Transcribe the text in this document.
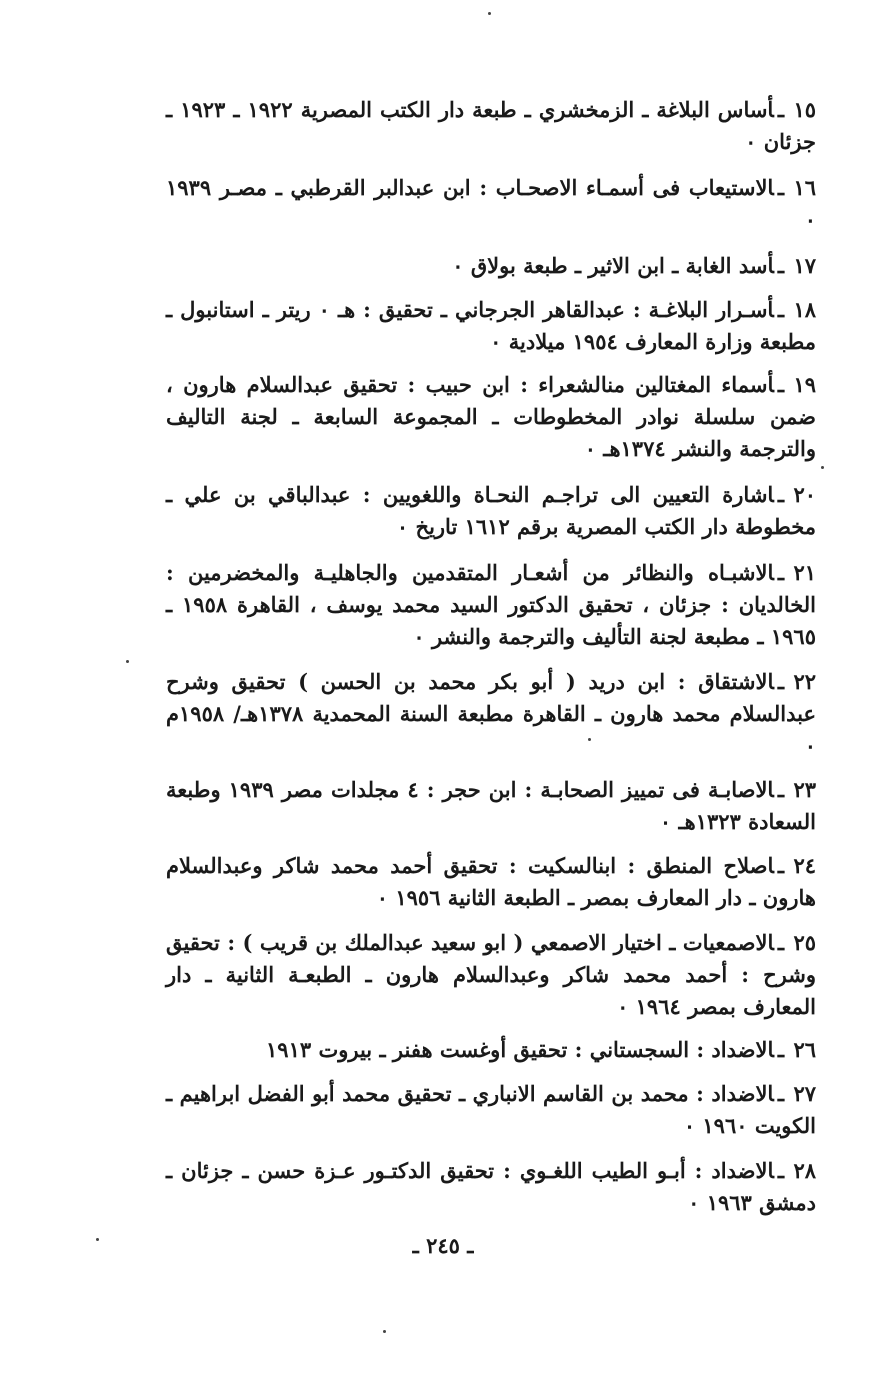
١٥ـأساس البلاغة ـ الزمخشري ـ طبعة دار الكتب المصرية ١٩٢٢ ـ ١٩٢٣ ـ جزئان ٠
١٦ـالاستيعاب فى أسمـاء الاصحـاب : ابن عبدالبر القرطبي ـ مصـر ١٩٣٩ ٠
١٧ـأسد الغابة ـ ابن الاثير ـ طبعة بولاق ٠
١٨ـأسـرار البلاغـة : عبدالقاهر الجرجاني ـ تحقيق : هـ ٠ ريتر ـ استانبول ـ مطبعة وزارة المعارف ١٩٥٤ ميلادية ٠
١٩ـأسماء المغتالين منالشعراء : ابن حبيب : تحقيق عبدالسلام هارون ، ضمن سلسلة نوادر المخطوطات ـ المجموعة السابعة ـ لجنة التاليف والترجمة والنشر ١٣٧٤هـ ٠
٢٠ـاشارة التعيين الى تراجـم النحـاة واللغويين : عبدالباقي بن علي ـ مخطوطة دار الكتب المصرية برقم ١٦١٢ تاريخ ٠
٢١ـالاشبـاه والنظائر من أشعـار المتقدمين والجاهليـة والمخضرمين : الخالديان : جزئان ، تحقيق الدكتور السيد محمد يوسف ، القاهرة ١٩٥٨ ـ ١٩٦٥ ـ مطبعة لجنة التأليف والترجمة والنشر ٠
٢٢ـالاشتقاق : ابن دريد ( أبو بكر محمد بن الحسن ) تحقيق وشرح عبدالسلام محمد هارون ـ القاهرة مطبعة السنة المحمدية ١٣٧٨هـ/ ١٩٥٨م ٠
٢٣ـالاصابـة فى تمييز الصحابـة : ابن حجر : ٤ مجلدات مصر ١٩٣٩ وطبعة السعادة ١٣٢٣هـ ٠
٢٤ـاصلاح المنطق : ابنالسكيت : تحقيق أحمد محمد شاكر وعبدالسلام هارون ـ دار المعارف بمصر ـ الطبعة الثانية ١٩٥٦ ٠
٢٥ـالاصمعيات ـ اختيار الاصمعي ( ابو سعيد عبدالملك بن قريب ) : تحقيق وشرح : أحمد محمد شاكر وعبدالسلام هارون ـ الطبعـة الثانية ـ دار المعارف بمصر ١٩٦٤ ٠
٢٦ـالاضداد : السجستاني : تحقيق أوغست هفنر ـ بيروت ١٩١٣
٢٧ـالاضداد : محمد بن القاسم الانباري ـ تحقيق محمد أبو الفضل ابراهيم ـ الكويت ١٩٦٠ ٠
٢٨ـالاضداد : أبـو الطيب اللغـوي : تحقيق الدكتـور عـزة حسن ـ جزئان ـ دمشق ١٩٦٣ ٠
ـ ٢٤٥ ـ
